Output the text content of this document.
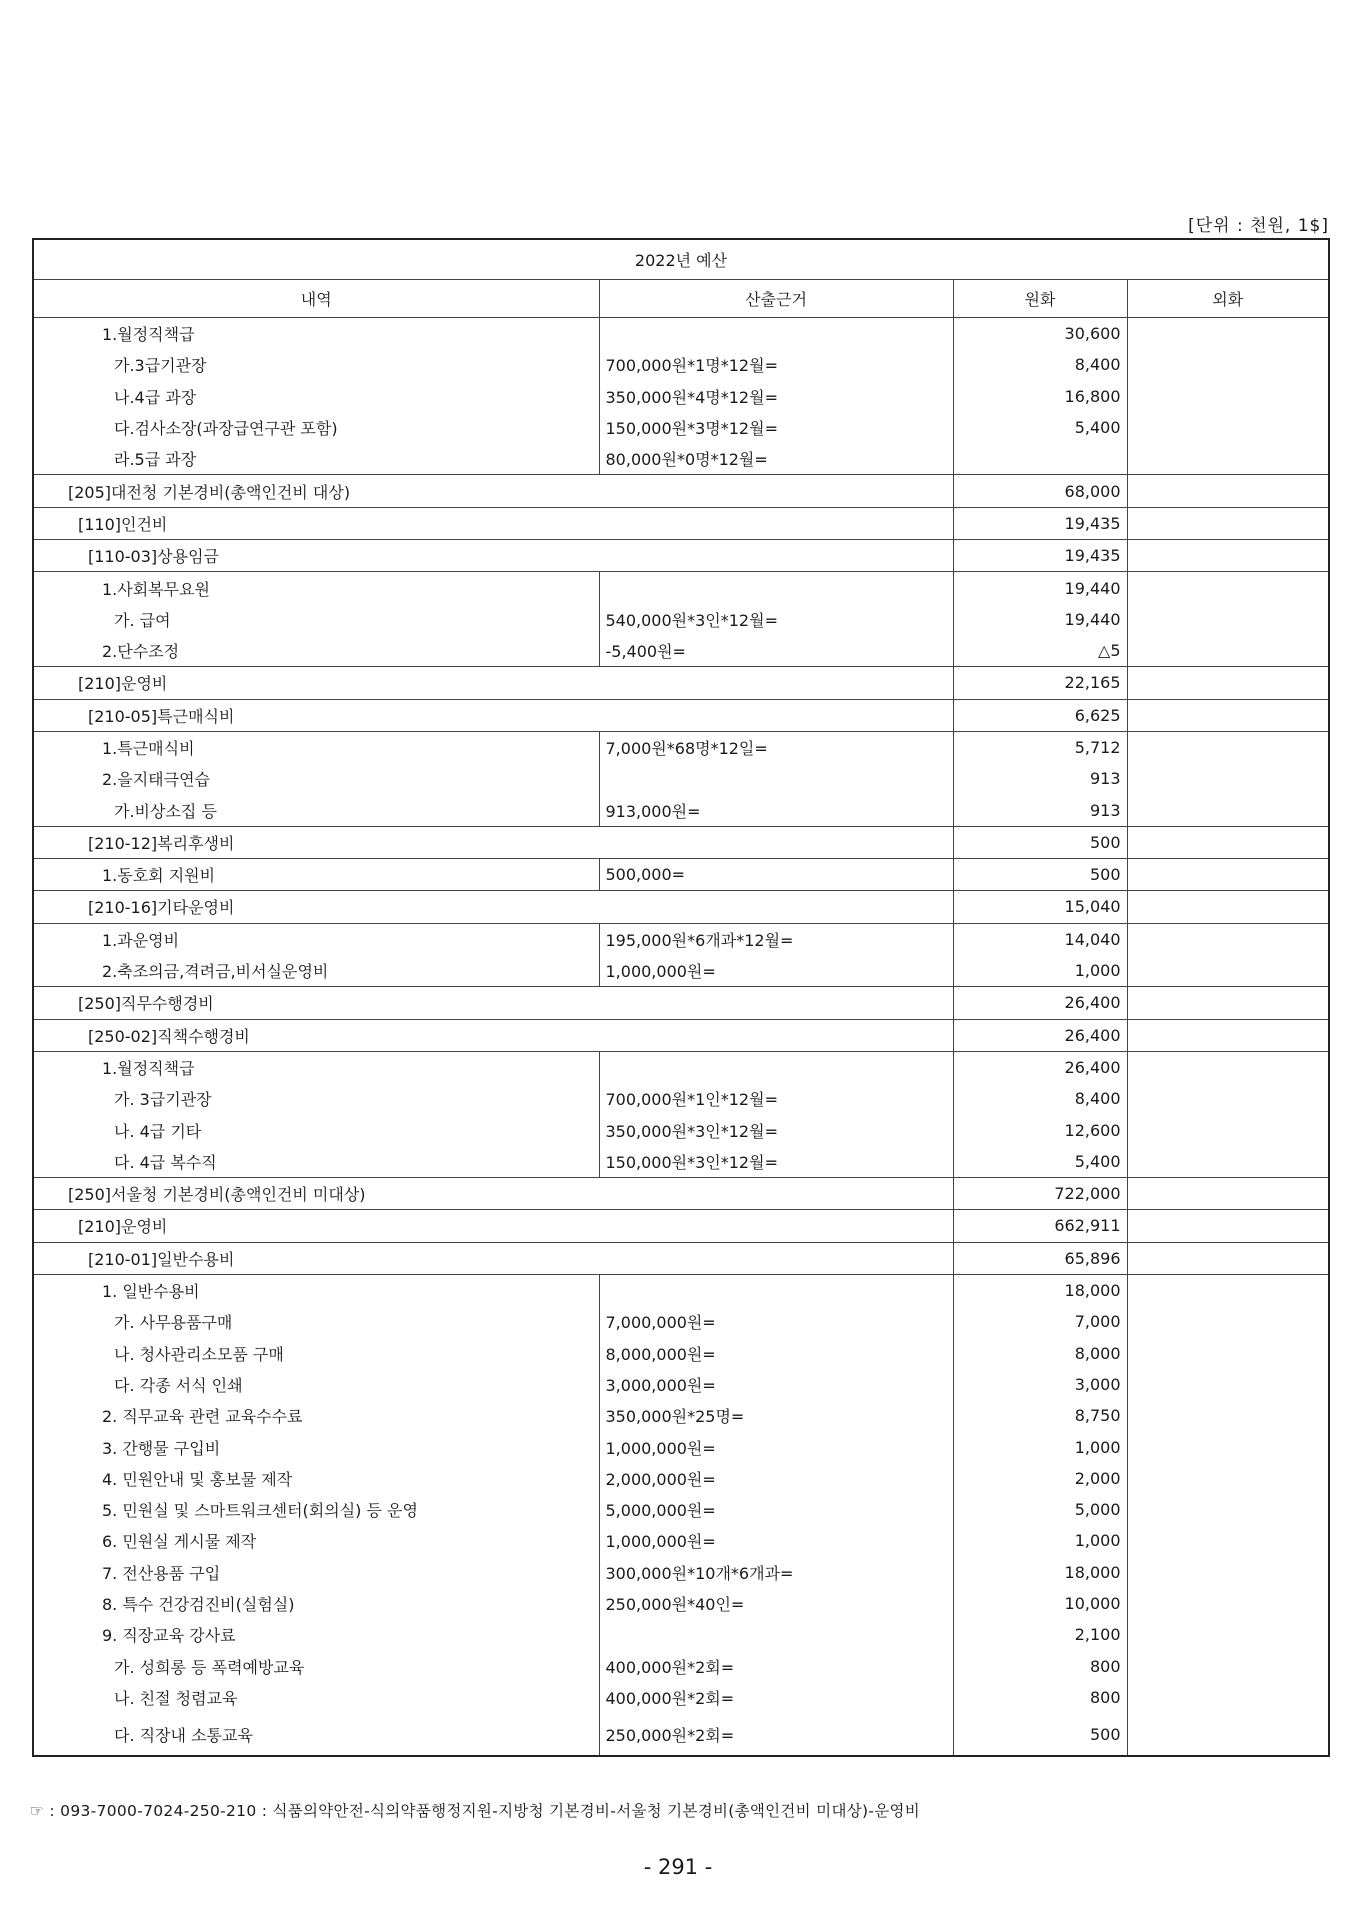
[단위 : 천원, 1$]
2022년 예산			
내역	산출근거	원화	외화
1.월정직책급		30,600	
가.3급기관장	700,000원*1명*12월=	8,400	
나.4급 과장	350,000원*4명*12월=	16,800	
다.검사소장(과장급연구관 포함)	150,000원*3명*12월=	5,400	
라.5급 과장	80,000원*0명*12월=		
[205]대전청 기본경비(총액인건비 대상)		68,000	
[110]인건비		19,435	
[110-03]상용임금		19,435	
1.사회복무요원		19,440	
가. 급여	540,000원*3인*12월=	19,440	
2.단수조정	-5,400원=	△5	
[210]운영비		22,165	
[210-05]특근매식비		6,625	
1.특근매식비	7,000원*68명*12일=	5,712	
2.을지태극연습		913	
가.비상소집 등	913,000원=	913	
[210-12]복리후생비		500	
1.동호회 지원비	500,000=	500	
[210-16]기타운영비		15,040	
1.과운영비	195,000원*6개과*12월=	14,040	
2.축조의금,격려금,비서실운영비	1,000,000원=	1,000	
[250]직무수행경비		26,400	
[250-02]직책수행경비		26,400	
1.월정직책급		26,400	
가. 3급기관장	700,000원*1인*12월=	8,400	
나. 4급 기타	350,000원*3인*12월=	12,600	
다. 4급 복수직	150,000원*3인*12월=	5,400	
[250]서울청 기본경비(총액인건비 미대상)		722,000	
[210]운영비		662,911	
[210-01]일반수용비		65,896	
1. 일반수용비		18,000	
가. 사무용품구매	7,000,000원=	7,000	
나. 청사관리소모품 구매	8,000,000원=	8,000	
다. 각종 서식 인쇄	3,000,000원=	3,000	
2. 직무교육 관련 교육수수료	350,000원*25명=	8,750	
3. 간행물 구입비	1,000,000원=	1,000	
4. 민원안내 및 홍보물 제작	2,000,000원=	2,000	
5. 민원실 및 스마트워크센터(회의실) 등 운영	5,000,000원=	5,000	
6. 민원실 게시물 제작	1,000,000원=	1,000	
7. 전산용품 구입	300,000원*10개*6개과=	18,000	
8. 특수 건강검진비(실험실)	250,000원*40인=	10,000	
9. 직장교육 강사료		2,100	
가. 성희롱 등 폭력예방교육	400,000원*2회=	800	
나. 친절 청렴교육	400,000원*2회=	800	
다. 직장내 소통교육	250,000원*2회=	500	
☞ : 093-7000-7024-250-210 : 식품의약안전-식의약품행정지원-지방청 기본경비-서울청 기본경비(총액인건비 미대상)-운영비
- 291 -
